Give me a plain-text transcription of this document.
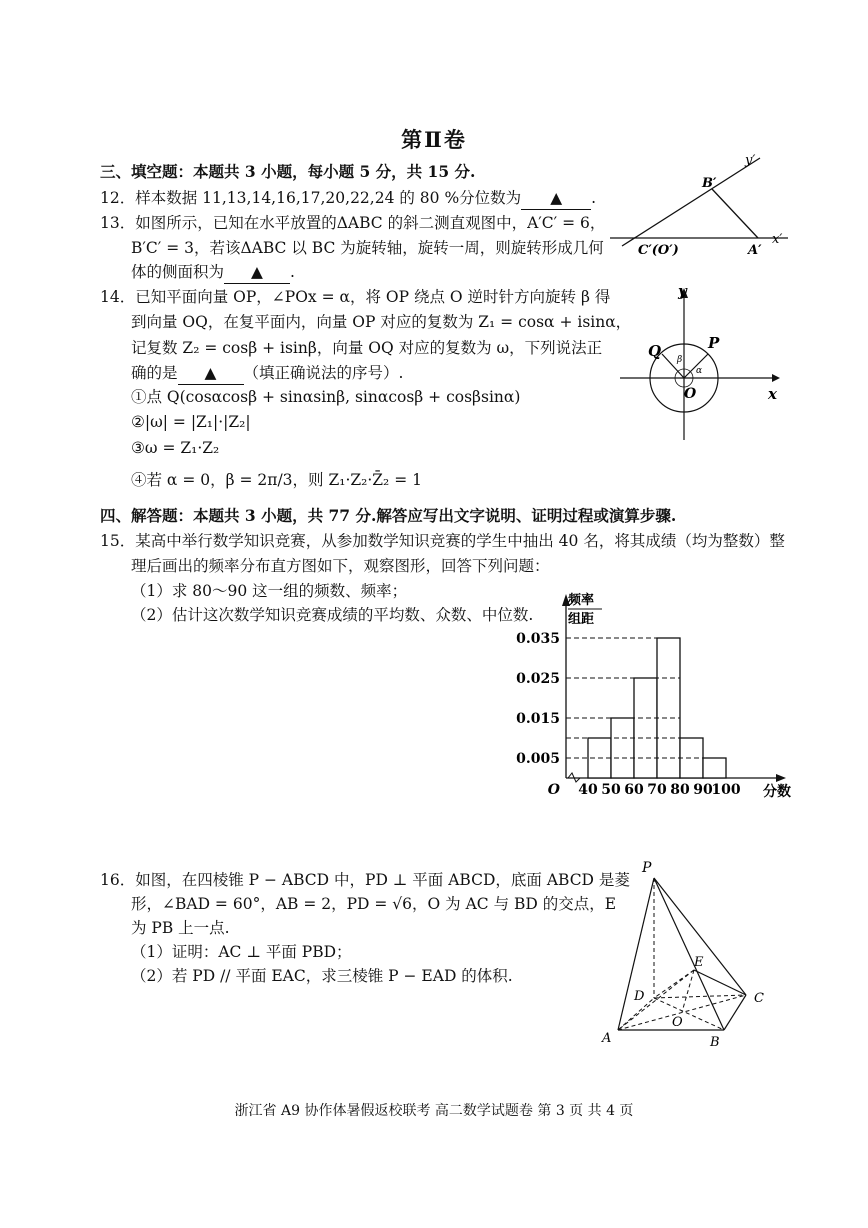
第Ⅱ卷
三、填空题：本题共 3 小题，每小题 5 分，共 15 分.
12．样本数据 11,13,14,16,17,20,22,24 的 80 %分位数为 ▲ .
13．如图所示，已知在水平放置的ΔABC 的斜二测直观图中，A′C′ = 6，
B′C′ = 3，若该ΔABC 以 BC 为旋转轴，旋转一周，则旋转形成几何
体的侧面积为 ▲ .
y′
x′
B′
C′(O′)	A′
14．已知平面向量 OP，∠POx = α，将 OP 绕点 O 逆时针方向旋转 β 得
到向量 OQ，在复平面内，向量 OP 对应的复数为 Z₁ = cosα + isinα，
记复数 Z₂ = cosβ + isinβ，向量 OQ 对应的复数为 ω，下列说法正
确的是 ▲ （填正确说法的序号）.
①点 Q(cosαcosβ + sinαsinβ, sinαcosβ + cosβsinα)
②|ω| = |Z₁|·|Z₂|
③ω = Z₁·Z₂
④若 α = 0，β = 2π/3，则 Z₁·Z₂·Z̄₂ = 1
Q	P
O
β
α
x
y
四、解答题：本题共 3 小题，共 77 分.解答应写出文字说明、证明过程或演算步骤.
15．某高中举行数学知识竞赛，从参加数学知识竞赛的学生中抽出 40 名，将其成绩（均为整数）整
理后画出的频率分布直方图如下，观察图形，回答下列问题：
（1）求 80～90 这一组的频数、频率；
（2）估计这次数学知识竞赛成绩的平均数、众数、中位数.
0.005
0.015
0.025
0.035
40 50 60 70 80 90
100
O	分数
频率
组距
16．如图，在四棱锥 P − ABCD 中，PD ⊥ 平面 ABCD，底面 ABCD 是菱
形，∠BAD = 60°，AB = 2，PD = √6，O 为 AC 与 BD 的交点，E
为 PB 上一点.
（1）证明：AC ⊥ 平面 PBD；
（2）若 PD // 平面 EAC，求三棱锥 P − EAD 的体积.
P
E
D	C
O
A	B
浙江省 A9 协作体暑假返校联考 高二数学试题卷 第 3 页 共 4 页
